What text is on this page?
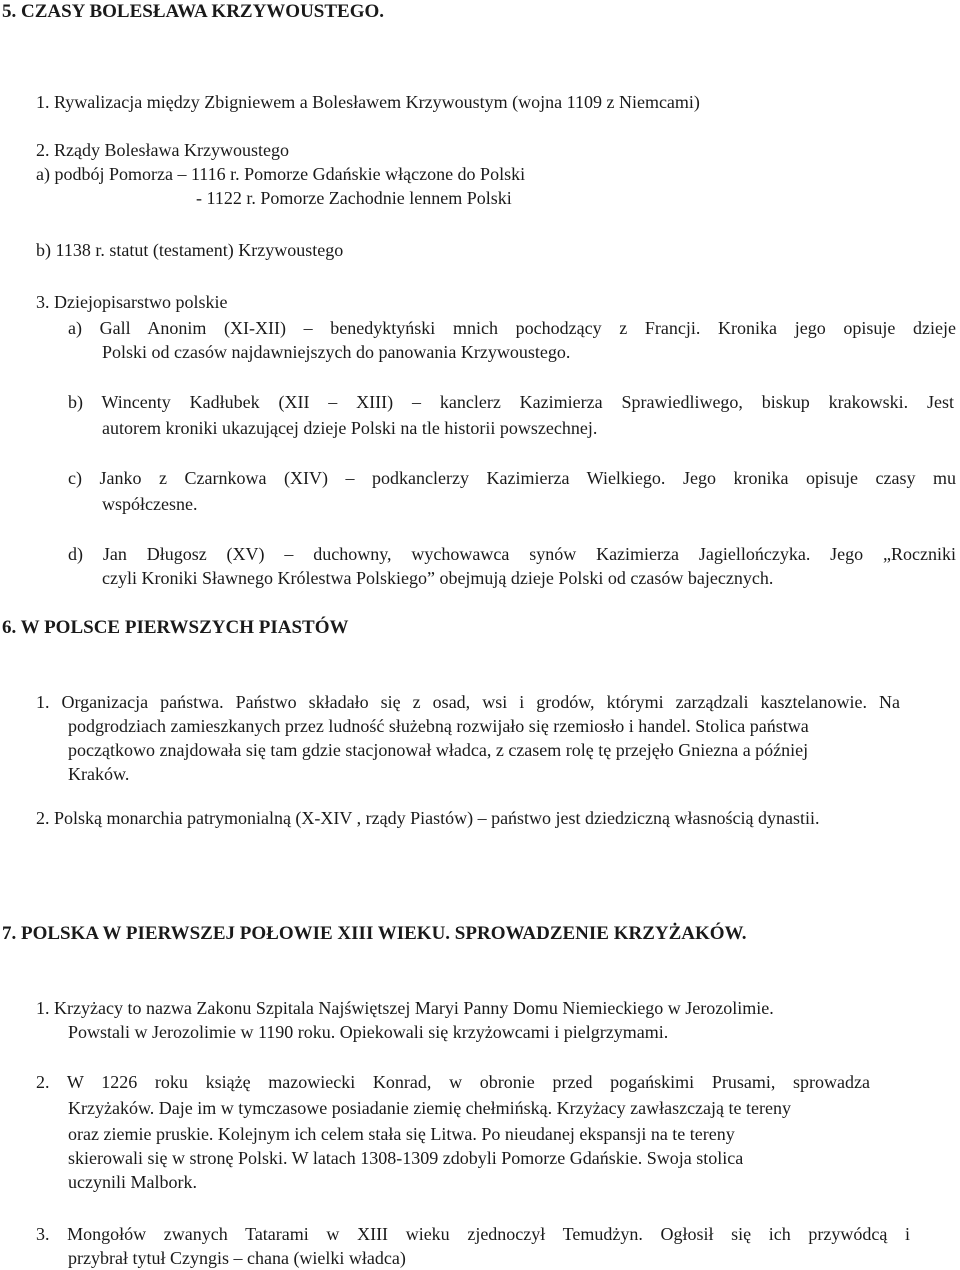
5. CZASY BOLESŁAWA KRZYWOUSTEGO.
1. Rywalizacja między Zbigniewem a Bolesławem Krzywoustym (wojna 1109 z Niemcami)
2. Rządy Bolesława Krzywoustego
a) podbój Pomorza – 1116 r. Pomorze Gdańskie włączone do Polski
- 1122 r. Pomorze Zachodnie lennem Polski
b) 1138 r. statut (testament) Krzywoustego
3. Dziejopisarstwo polskie
a) Gall Anonim (XI-XII) – benedyktyński mnich pochodzący z Francji. Kronika jego opisuje dzieje
Polski od czasów najdawniejszych do panowania Krzywoustego.
b) Wincenty Kadłubek (XII – XIII) – kanclerz Kazimierza Sprawiedliwego, biskup krakowski. Jest
autorem kroniki ukazującej dzieje Polski na tle historii powszechnej.
c) Janko z Czarnkowa (XIV) – podkanclerzy Kazimierza Wielkiego. Jego kronika opisuje czasy mu
współczesne.
d) Jan Długosz (XV) – duchowny, wychowawca synów Kazimierza Jagiellończyka. Jego „Roczniki
czyli Kroniki Sławnego Królestwa Polskiego” obejmują dzieje Polski od czasów bajecznych.
6. W POLSCE PIERWSZYCH PIASTÓW
1. Organizacja państwa. Państwo składało się z osad, wsi i grodów, którymi zarządzali kasztelanowie. Na
podgrodziach zamieszkanych przez ludność służebną rozwijało się rzemiosło i handel. Stolica państwa
początkowo znajdowała się tam gdzie stacjonował władca, z czasem rolę tę przejęło Gniezna a później
Kraków.
2. Polską monarchia patrymonialną (X-XIV , rządy Piastów) – państwo jest dziedziczną własnością dynastii.
7. POLSKA W PIERWSZEJ POŁOWIE XIII WIEKU. SPROWADZENIE KRZYŻAKÓW.
1. Krzyżacy to nazwa Zakonu Szpitala Najświętszej Maryi Panny Domu Niemieckiego w Jerozolimie.
Powstali w Jerozolimie w 1190 roku. Opiekowali się krzyżowcami i pielgrzymami.
2. W 1226 roku książę mazowiecki Konrad, w obronie przed pogańskimi Prusami, sprowadza
Krzyżaków. Daje im w tymczasowe posiadanie ziemię chełmińską. Krzyżacy zawłaszczają te tereny
oraz ziemie pruskie. Kolejnym ich celem stała się Litwa. Po nieudanej ekspansji na te tereny
skierowali się w stronę Polski. W latach 1308-1309 zdobyli Pomorze Gdańskie. Swoja stolica
uczynili Malbork.
3. Mongołów zwanych Tatarami w XIII wieku zjednoczył Temudżyn. Ogłosił się ich przywódcą i
przybrał tytuł Czyngis – chana (wielki władca)
